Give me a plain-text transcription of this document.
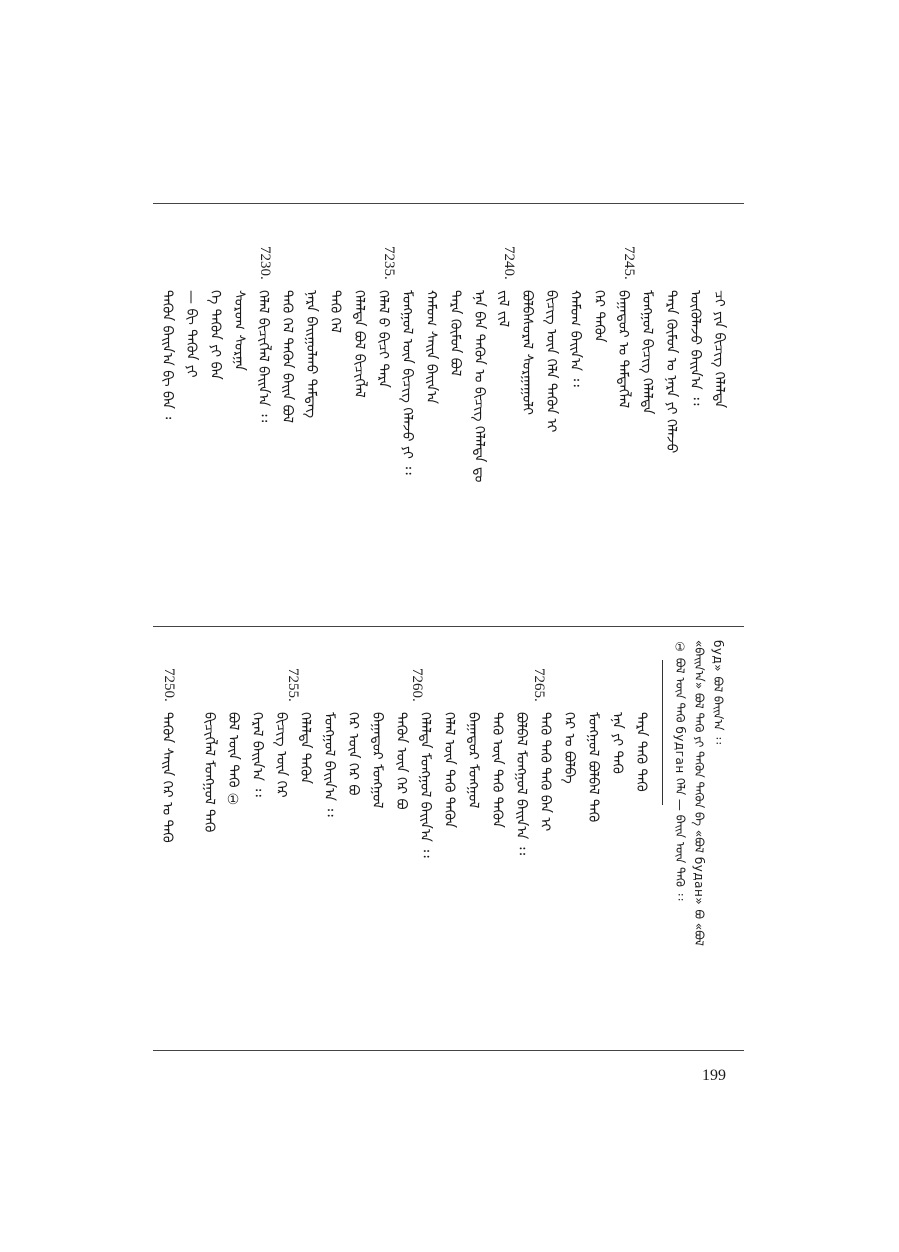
7245.
7240.
7235.
7230.
ᠴᠢ ᠶᠢᠨ ᠪᠢᠴᠢᠭ ᠬᠡᠯᠡᠯᠲᠡ
ᠦᠭᠦᠯᠡᠵᠦ ᠪᠠᠢᠨ᠎ᠠ ᠄᠄
ᠲᠡᠷᠡ ᠬᠦᠮᠦᠨ ᠤ ᠨᠡᠷᠡ ᠶᠢ ᠬᠡᠯᠡᠵᠦ
ᠮᠣᠩᠭᠣᠯ ᠪᠢᠴᠢᠭ ᠬᠡᠯᠡᠯᠲᠡ
ᠪᠠᠭᠠᠲᠤᠷ ᠤ ᠲᠡᠮᠳᠡᠭᠯᠡᠯ
ᠭᠡᠷ ᠲᠡᠭᠦᠨ
ᠬᠠᠮᠤᠭ ᠪᠠᠢᠨ᠎ᠠ ᠄᠄
ᠪᠢᠴᠢᠭ ᠦᠨ ᠬᠡᠯᠡ ᠲᠡᠭᠦᠨ ᠢ
ᠪᠣᠯᠪᠠᠰᠤᠷᠠᠯ ᠰᠤᠷᠭᠠᠭᠤᠯᠢ
ᠵᠢᠯ ᠵᠢᠯ
ᠡᠨᠡ ᠪᠠᠨ ᠲᠡᠭᠦᠨ ᠤ ᠪᠢᠴᠢᠭ ᠬᠡᠯᠡᠯᠲᠡ ᠳᠤ
ᠲᠡᠷᠡ ᠬᠦᠮᠦᠨ ᠪᠣᠯ
ᠬᠠᠮᠤᠭ ᠰᠠᠢᠨ ᠪᠠᠢᠨ᠎ᠠ
ᠮᠣᠩᠭᠣᠯ ᠦᠨ ᠪᠢᠴᠢᠭ ᠬᠡᠯᠡᠵᠦ ᠶᠢ ᠄᠄
ᠬᠡᠯᠡᠯ ᠪ ᠪᠢᠴᠢ ᠲᠡᠷᠡ
ᠬᠡᠯᠡᠯᠲᠡ ᠪᠣᠯ ᠪᠢᠴᠢᠭᠯᠡᠯ
ᠲᠡᠭᠦ ᠬᠡᠯ
ᠨᠡᠷᠡ ᠪᠠᠢᠭᠤᠯᠬᠤ ᠲᠡᠮᠳᠡᠭ
ᠲᠡᠭᠦ ᠬᠡᠯ ᠲᠡᠭᠦᠨ ᠪᠠᠢᠨ ᠪᠣᠯ
ᠬᠡᠯᠡᠯ ᠪᠢᠴᠢᠭᠯᠡᠯ ᠪᠠᠢᠨ᠎ᠠ ᠄᠄
ᠰᠤᠷᠤᠭ ᠰᠤᠷᠭᠠ
ᠭᠡ ᠲᠡᠭᠦᠨ ᠶᠢ ᠪᠠᠨ
— ᠪᠢ ᠲᠡᠭᠦᠨ ᠶᠢ
ᠲᠡᠭᠦᠨ ᠪᠠᠢᠨ᠎ᠠ ᠪᠢ ᠪᠠᠨ ᠄
буд» ᠪᠣᠯ ᠪᠠᠢᠨ᠎ᠠ ᠄᠄
«ᠪᠠᠢᠨ᠎ᠠ» ᠪᠣᠯ ᠲᠡᠭᠦ ᠶᠢ ᠲᠡᠭᠦᠨ ᠲᠡᠭᠦᠨ ᠪᠠ «ᠪᠣᠯ будан» ᠪᠣ «ᠪᠣᠯ
① ᠪᠣᠯ ᠦᠨ ᠲᠡᠭᠦ будган ᠬᠡᠯᠡ — ᠪᠠᠢᠨ ᠦᠨ ᠲᠡᠭᠦ ᠄᠄
7265.
7260.
7255.
7250.
ᠲᠡᠷᠡ ᠲᠡᠭᠦ ᠲᠡᠭᠦ
ᠡᠨᠡ ᠶᠢ ᠲᠡᠭᠦ
ᠮᠣᠩᠭᠣᠯ ᠪᠣᠯᠪᠠᠯ ᠲᠡᠭᠦ
ᠭᠡᠷ ᠤ ᠪᠣᠯᠪᠠ
ᠲᠡᠭᠦ ᠲᠡᠭᠦ ᠲᠡᠭᠦ ᠪᠠᠨ ᠢ
ᠪᠣᠯᠪᠠᠯ ᠮᠣᠩᠭᠣᠯ ᠪᠠᠢᠨ᠎ᠠ ᠄᠄
ᠲᠡᠭᠦ ᠦᠨ ᠲᠡᠭᠦ ᠲᠡᠭᠦᠨ
ᠪᠠᠭᠠᠲᠤᠷ ᠮᠣᠩᠭᠣᠯ
ᠬᠡᠯᠡᠯ ᠦᠨ ᠲᠡᠭᠦ ᠲᠡᠭᠦᠨ
ᠬᠡᠯᠡᠯᠲᠡ ᠮᠣᠩᠭᠣᠯ ᠪᠠᠢᠨ᠎ᠠ ᠄᠄
ᠲᠡᠭᠦᠨ ᠦᠨ ᠭᠡᠷ ᠪᠣ
ᠪᠠᠭᠠᠲᠤᠷ ᠮᠣᠩᠭᠣᠯ
ᠭᠡᠷ ᠦᠨ ᠭᠡᠷ ᠪᠣ
ᠮᠣᠩᠭᠣᠯ ᠪᠠᠢᠨ᠎ᠠ ᠄᠄
ᠬᠡᠯᠡᠯᠲᠡ ᠲᠡᠭᠦᠨ
ᠪᠢᠴᠢᠭ ᠦᠨ ᠭᠡᠷ
ᠭᠡᠷᠡᠯ ᠪᠠᠢᠨ᠎ᠠ ᠄᠄
ᠪᠣᠯ ᠦᠨ ᠲᠡᠭᠦ ①
ᠪᠢᠴᠢᠭᠯᠡᠯ ᠮᠣᠩᠭᠣᠯ ᠲᠡᠭᠦ
ᠲᠡᠭᠦᠨ ᠰᠠᠢᠨ ᠭᠡᠷ ᠤ ᠲᠡᠭᠦ
199
